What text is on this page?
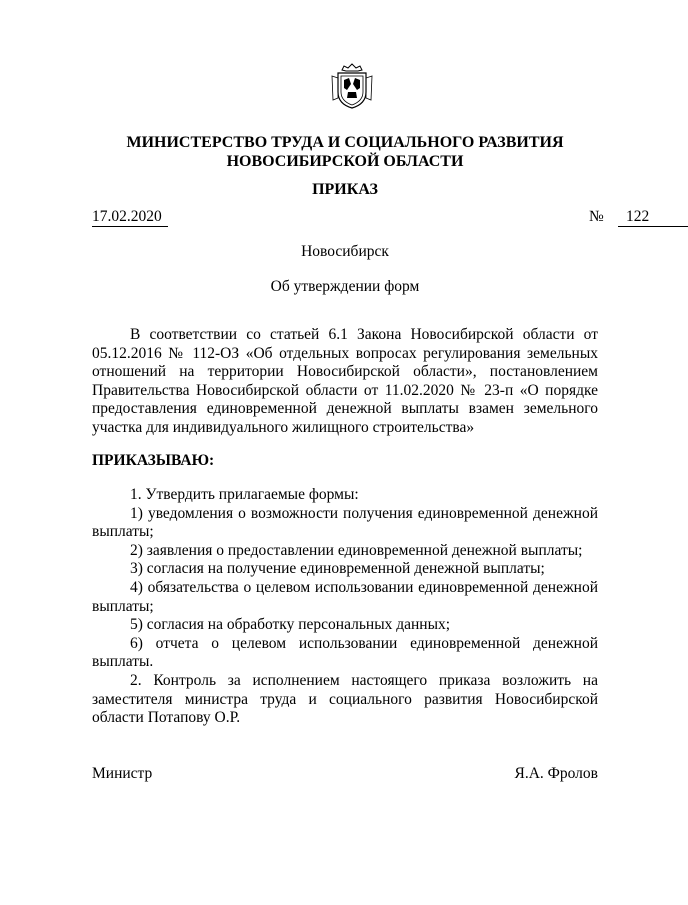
МИНИСТЕРСТВО ТРУДА И СОЦИАЛЬНОГО РАЗВИТИЯ
НОВОСИБИРСКОЙ ОБЛАСТИ
ПРИКАЗ
17.02.2020	№	122
Новосибирск
Об утверждении форм
В соответствии со статьей 6.1 Закона Новосибирской области от 05.12.2016 № 112-ОЗ «Об отдельных вопросах регулирования земельных отношений на территории Новосибирской области», постановлением Правительства Новосибирской области от 11.02.2020 № 23-п «О порядке предоставления единовременной денежной выплаты взамен земельного участка для индивидуального жилищного строительства»
ПРИКАЗЫВАЮ:

1. Утвердить прилагаемые формы:

1) уведомления о возможности получения единовременной денежной выплаты;

2) заявления о предоставлении единовременной денежной выплаты;

3) согласия на получение единовременной денежной выплаты;

4) обязательства о целевом использовании единовременной денежной выплаты;

5) согласия на обработку персональных данных;

6) отчета о целевом использовании единовременной денежной выплаты.

2. Контроль за исполнением настоящего приказа возложить на заместителя министра труда и социального развития Новосибирской области Потапову О.Р.

Министр	Я.А. Фролов
